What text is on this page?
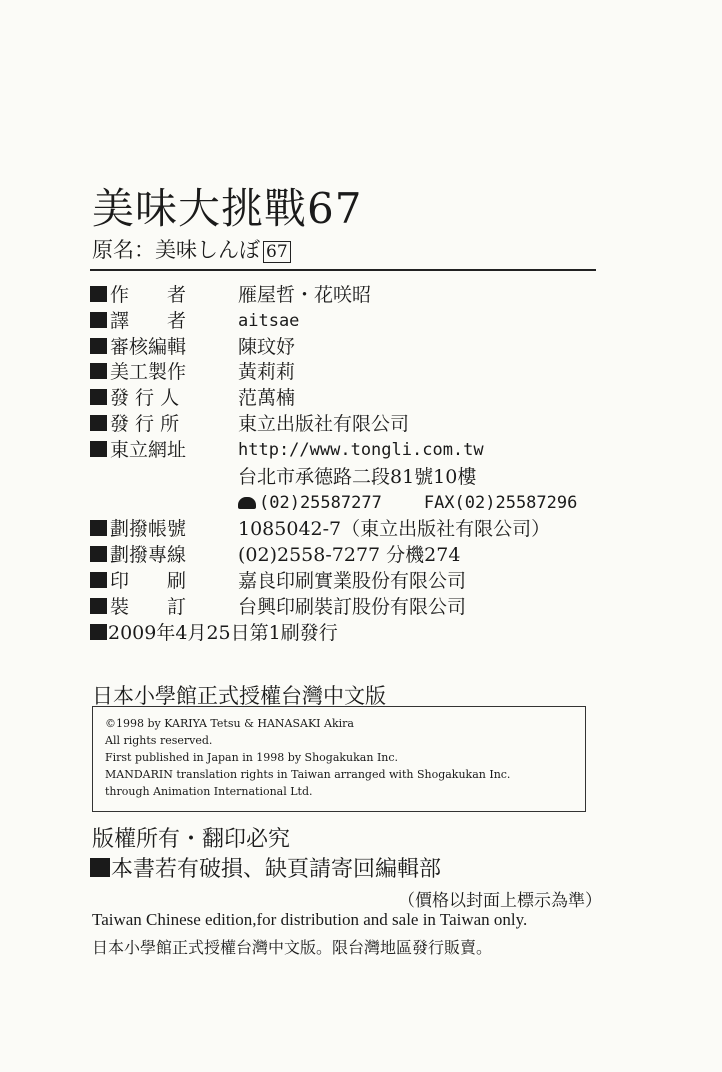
美味大挑戰67
原名：美味しんぼ 67
作　　者	雁屋哲・花咲昭
譯　　者	aitsae
審核編輯	陳玟妤
美工製作	黃莉莉
發 行 人	范萬楠
發 行 所	東立出版社有限公司
東立網址	http://www.tongli.com.tw
台北市承德路二段81號10樓
(02)25587277 FAX(02)25587296
劃撥帳號	1085042-7（東立出版社有限公司）
劃撥專線	(02)2558-7277 分機274
印　　刷	嘉良印刷實業股份有限公司
裝　　訂	台興印刷裝訂股份有限公司
2009年4月25日第1刷發行
日本小學館正式授權台灣中文版
©1998 by KARIYA Tetsu & HANASAKI Akira
All rights reserved.
First published in Japan in 1998 by Shogakukan Inc.
MANDARIN translation rights in Taiwan arranged with Shogakukan Inc.
through Animation International Ltd.
版權所有・翻印必究
本書若有破損、缺頁請寄回編輯部
（價格以封面上標示為準）
Taiwan Chinese edition,for distribution and sale in Taiwan only.
日本小學館正式授權台灣中文版。限台灣地區發行販賣。
